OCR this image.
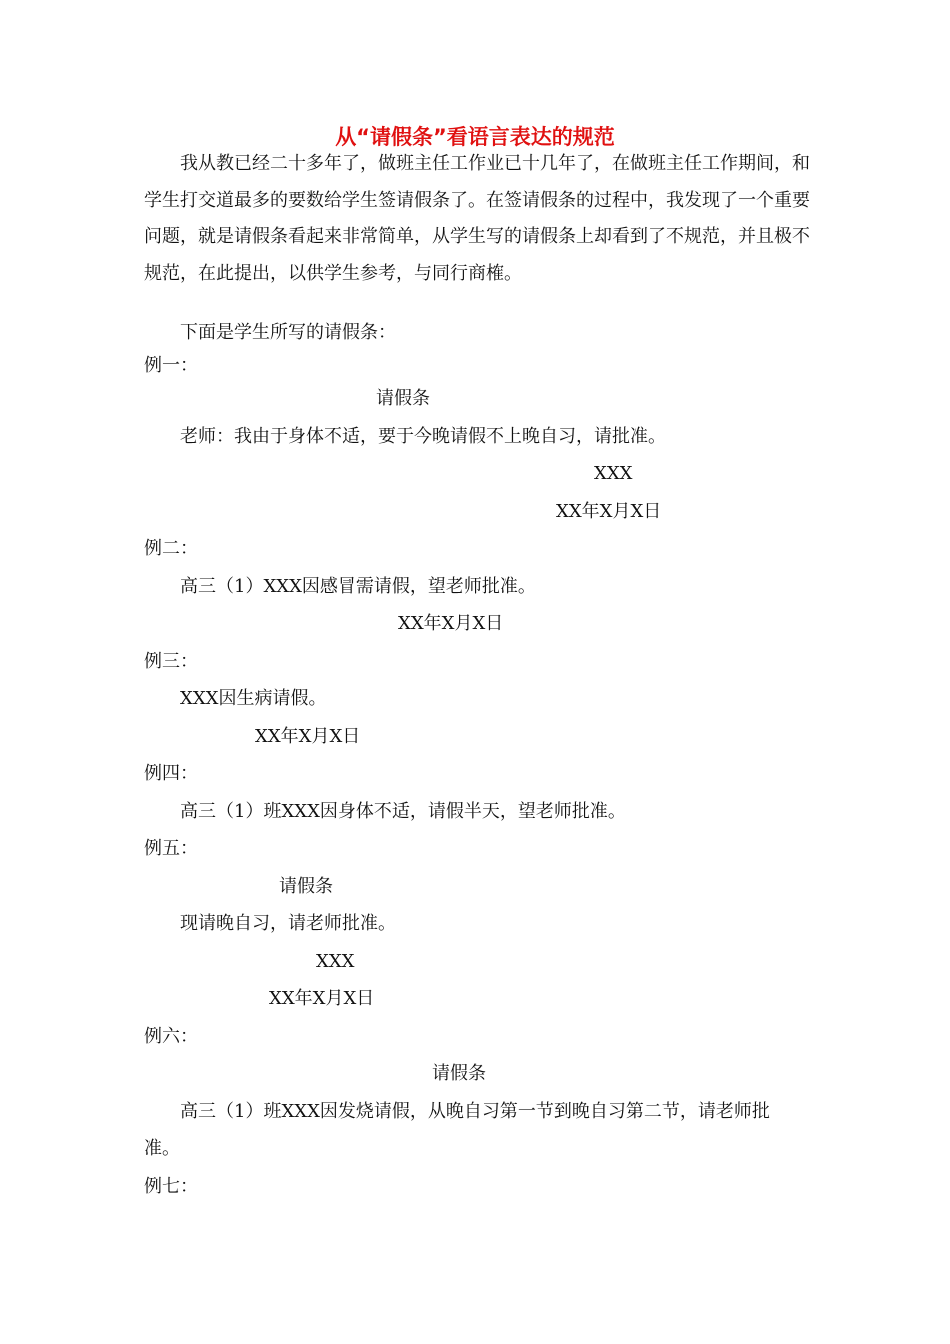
从“请假条”看语言表达的规范

我从教已经二十多年了，做班主任工作业已十几年了，在做班主任工作期间，和学生打交道最多的要数给学生签请假条了。在签请假条的过程中，我发现了一个重要问题，就是请假条看起来非常简单，从学生写的请假条上却看到了不规范，并且极不规范，在此提出，以供学生参考，与同行商榷。

下面是学生所写的请假条：

例一：

请假条

老师：我由于身体不适，要于今晚请假不上晚自习，请批准。

XXX

XX年X月X日

例二：

高三（1）XXX因感冒需请假，望老师批准。

XX年X月X日

例三：

XXX因生病请假。

XX年X月X日

例四：

高三（1）班XXX因身体不适，请假半天，望老师批准。

例五：

请假条

现请晚自习，请老师批准。

XXX

XX年X月X日

例六：

请假条

高三（1）班XXX因发烧请假，从晚自习第一节到晚自习第二节，请老师批

准。

例七：
